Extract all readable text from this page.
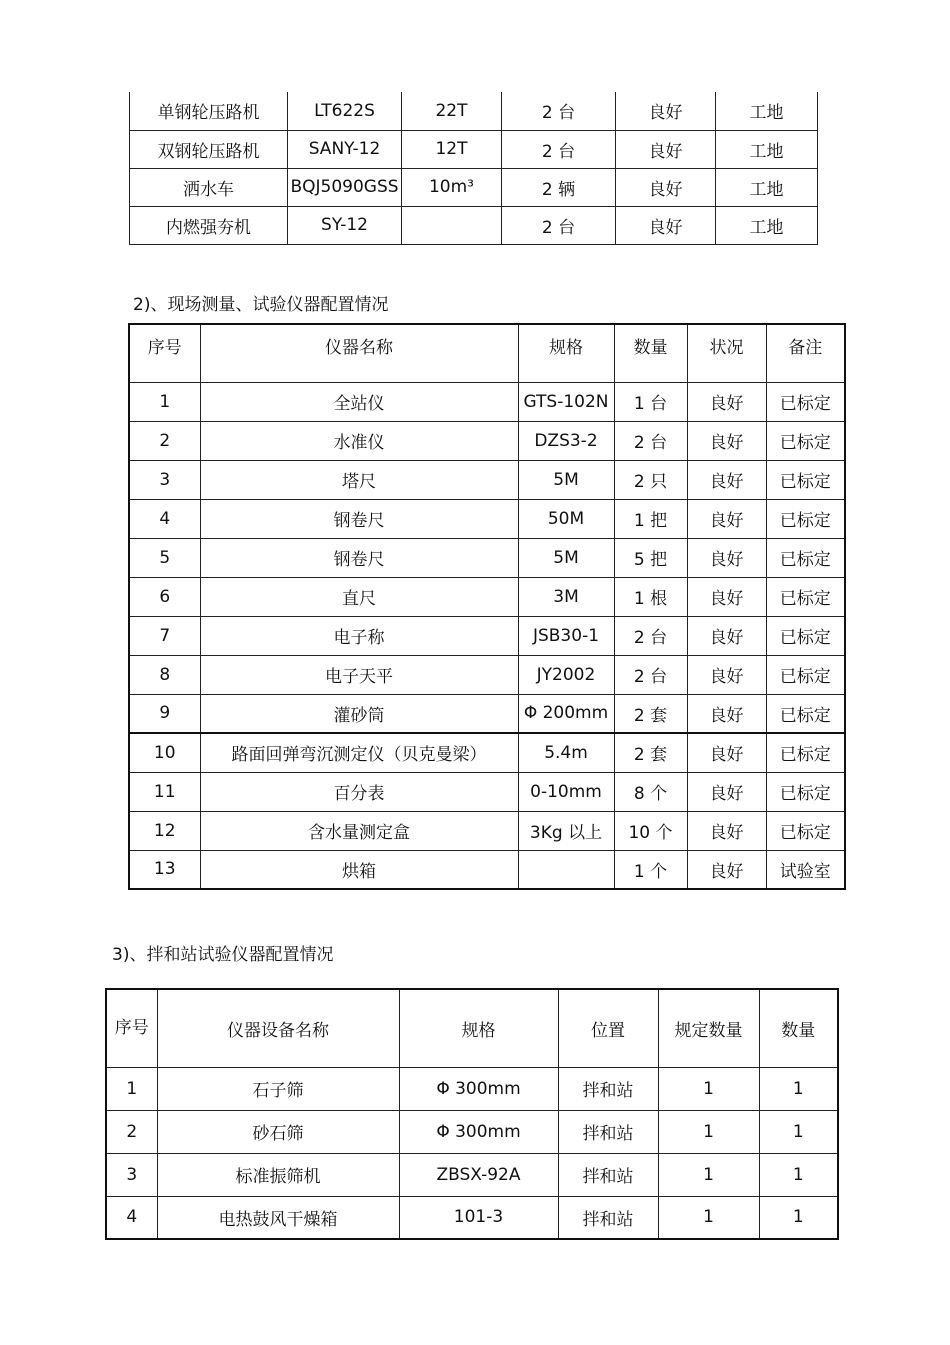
单钢轮压路机	LT622S	22T	2 台	良好	工地
双钢轮压路机	SANY-12	12T	2 台	良好	工地
洒水车	BQJ5090GSS	10m³	2 辆	良好	工地
内燃强夯机	SY-12		2 台	良好	工地
2)、现场测量、试验仪器配置情况
序号	仪器名称	规格	数量	状况	备注
1	全站仪	GTS-102N	1 台	良好	已标定
2	水准仪	DZS3-2	2 台	良好	已标定
3	塔尺	5M	2 只	良好	已标定
4	钢卷尺	50M	1 把	良好	已标定
5	钢卷尺	5M	5 把	良好	已标定
6	直尺	3M	1 根	良好	已标定
7	电子称	JSB30-1	2 台	良好	已标定
8	电子天平	JY2002	2 台	良好	已标定
9	灌砂筒	Φ 200mm	2 套	良好	已标定
10	路面回弹弯沉测定仪（贝克曼梁）	5.4m	2 套	良好	已标定
11	百分表	0-10mm	8 个	良好	已标定
12	含水量测定盒	3Kg 以上	10 个	良好	已标定
13	烘箱		1 个	良好	试验室
3)、拌和站试验仪器配置情况
序号	仪器设备名称	规格	位置	规定数量	数量
1	石子筛	Φ 300mm	拌和站	1	1
2	砂石筛	Φ 300mm	拌和站	1	1
3	标准振筛机	ZBSX-92A	拌和站	1	1
4	电热鼓风干燥箱	101-3	拌和站	1	1
